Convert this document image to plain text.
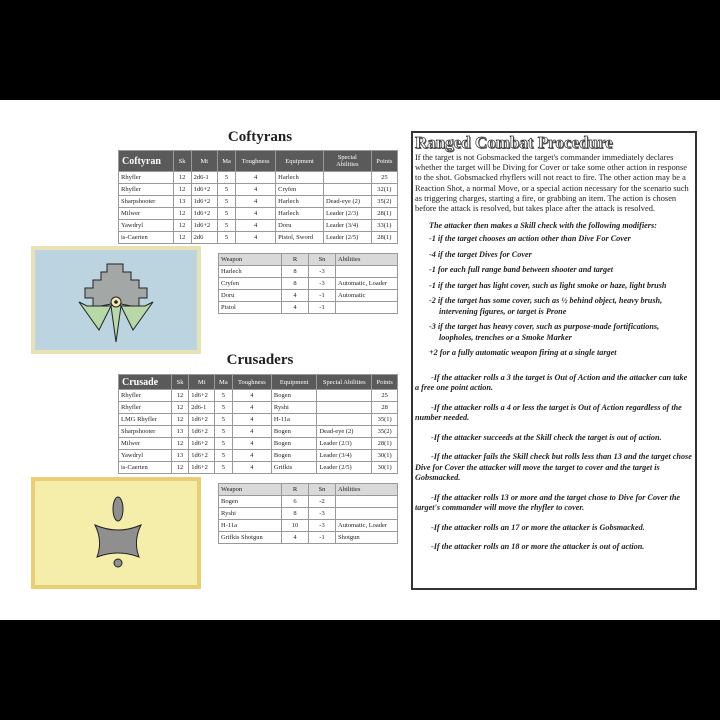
Coftyrans
Coftyran	Sk	Mt	Ma	Toughness	Equipment	Special Abilities	Points
Rhyfler	12	2d6-1	5	4	Harlech		25
Rhyfler	12	1d6+2	5	4	Cryfen		32(1)
Sharpshooter	13	1d6+2	5	4	Harlech	Dead-eye (2)	35(2)
Milwer	12	1d6+2	5	4	Harlech	Leader (2/3)	28(1)
Yawdryl	12	1d6+2	5	4	Doru	Leader (3/4)	33(1)
is-Caerten	12	2d6	5	4	Pistol, Sword	Leader (2/5)	28(1)
Weapon	R	Sn	Abilities
Harlech	8	-3	
Cryfen	8	-3	Automatic, Loader
Doru	4	-1	Automatic
Pistol	4	-1	
Crusaders
Crusade	Sk	Mt	Ma	Toughness	Equipment	Special Abilities	Points
Rhyfler	12	1d6+2	5	4	Bogen		25
Rhyfler	12	2d6-1	5	4	Ryshi		28
LMG Rhyfler	12	1d6+2	5	4	H-11a		35(1)
Sharpshooter	13	1d6+2	5	4	Bogen	Dead-eye (2)	35(2)
Milwer	12	1d6+2	5	4	Bogen	Leader (2/3)	28(1)
Yawdryl	13	1d6+2	5	4	Bogen	Leader (3/4)	30(1)
is-Caerten	12	1d6+2	5	4	Grifkis	Leader (2/5)	30(1)
Weapon	R	Sn	Abilities
Bogen	6	-2	
Ryshi	8	-3	
H-11a	10	-3	Automatic, Loader
Grifkis Shotgun	4	-1	Shotgun
Ranged Combat Procedure
If the target is not Gobsmacked the target's commander immediately declares whether the target will be Diving for Cover or take some other action in response to the shot. Gobsmacked rhyflers will not react to fire. The other action may be a Reaction Shot, a normal Move, or a special action necessary for the scenario such as triggering charges, starting a fire, or grabbing an item. The action is chosen before the attack is resolved, but takes place after the attack is resolved.
The attacker then makes a Skill check with the following modifiers:
-1 if the target chooses an action other than Dive For Cover
-4 if the target Dives for Cover
-1 for each full range band between shooter and target
-1 if the target has light cover, such as light smoke or haze, light brush
-2 if the target has some cover, such as ½ behind object, heavy brush, intervening figures, or target is Prone
-3 if the target has heavy cover, such as purpose-made fortifications, loopholes, trenches or a Smoke Marker
+2 for a fully automatic weapon firing at a single target
-If the attacker rolls a 3 the target is Out of Action and the attacker can take a free one point action.
-If the attacker rolls a 4 or less the target is Out of Action regardless of the number needed.
-If the attacker succeeds at the Skill check the target is out of action.
-If the attacker fails the Skill check but rolls less than 13 and the target chose Dive for Cover the attacker will move the target to cover and the target is Gobsmacked.
-If the attacker rolls 13 or more and the target chose to Dive for Cover the target's commander will move the rhyfler to cover.
-If the attacker rolls an 17 or more the attacker is Gobsmacked.
-If the attacker rolls an 18 or more the attacker is out of action.
